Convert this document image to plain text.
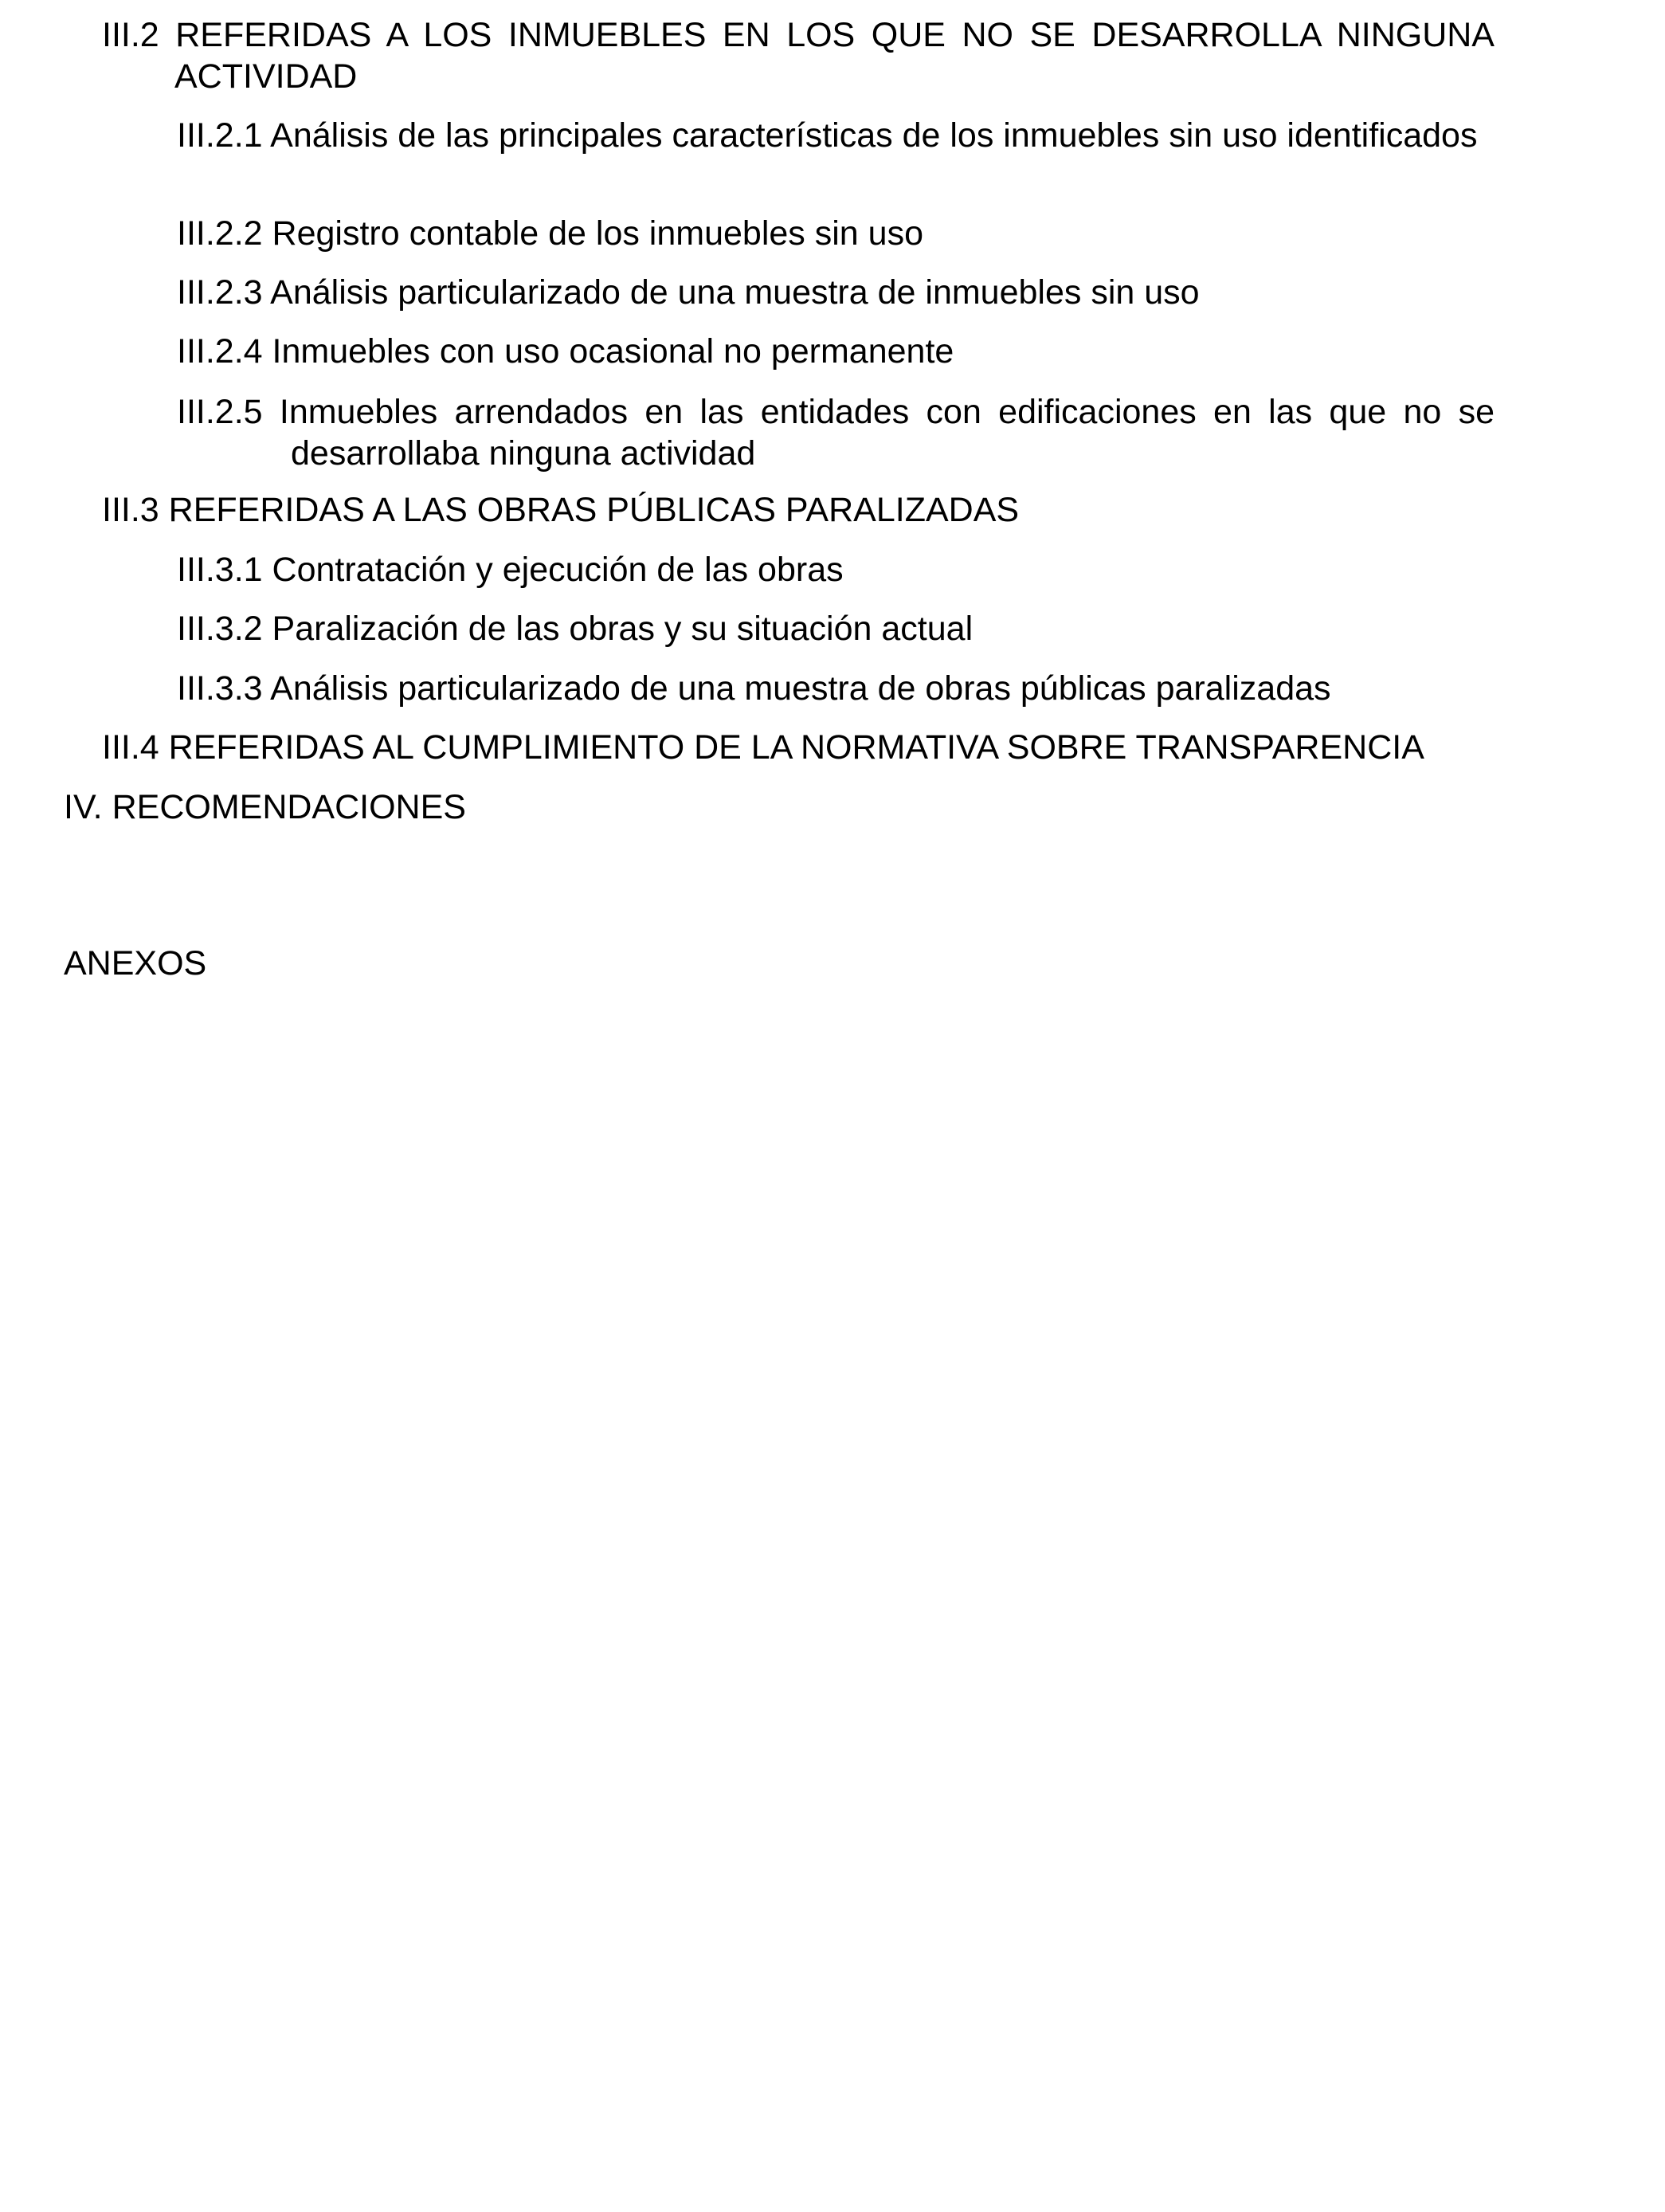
III.2 REFERIDAS A LOS INMUEBLES EN LOS QUE NO SE DESARROLLA NINGUNA ACTIVIDAD
III.2.1 Análisis de las principales características de los inmuebles sin uso identificados
III.2.2 Registro contable de los inmuebles sin uso
III.2.3 Análisis particularizado de una muestra de inmuebles sin uso
III.2.4 Inmuebles con uso ocasional no permanente
III.2.5 Inmuebles arrendados en las entidades con edificaciones en las que no se desarrollaba ninguna actividad
III.3 REFERIDAS A LAS OBRAS PÚBLICAS PARALIZADAS
III.3.1 Contratación y ejecución de las obras
III.3.2 Paralización de las obras y su situación actual
III.3.3 Análisis particularizado de una muestra de obras públicas paralizadas
III.4 REFERIDAS AL CUMPLIMIENTO DE LA NORMATIVA SOBRE TRANSPARENCIA
IV. RECOMENDACIONES
ANEXOS
